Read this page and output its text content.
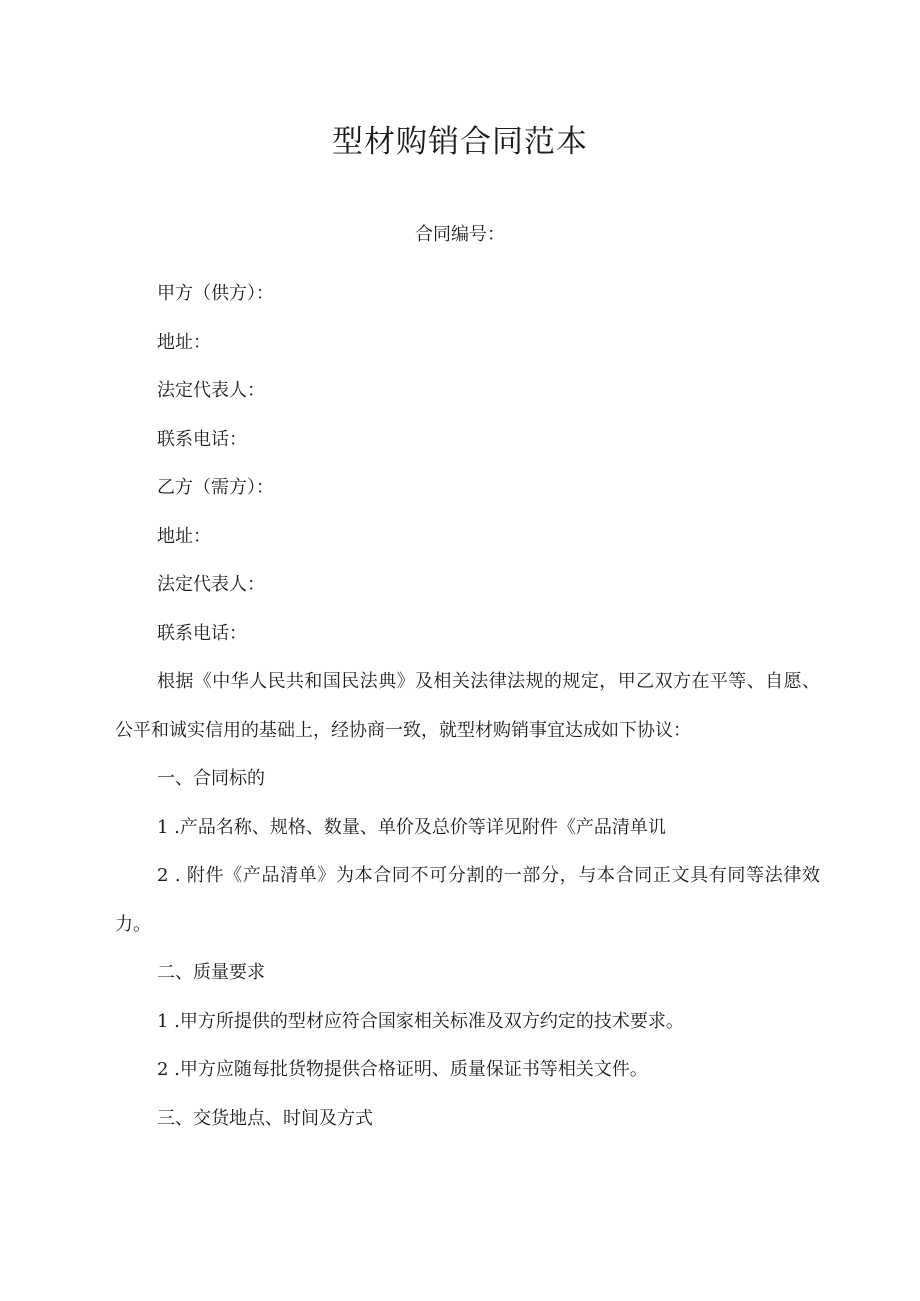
型材购销合同范本
合同编号：

甲方（供方）：

地址：

法定代表人：

联系电话：

乙方（需方）：

地址：

法定代表人：

联系电话：

根据《中华人民共和国民法典》及相关法律法规的规定，甲乙双方在平等、自愿、公平和诚实信用的基础上，经协商一致，就型材购销事宜达成如下协议：

一、合同标的

1 .产品名称、规格、数量、单价及总价等详见附件《产品清单讥

2 . 附件《产品清单》为本合同不可分割的一部分，与本合同正文具有同等法律效力。

二、质量要求

1 .甲方所提供的型材应符合国家相关标准及双方约定的技术要求。

2 .甲方应随每批货物提供合格证明、质量保证书等相关文件。

三、交货地点、时间及方式
